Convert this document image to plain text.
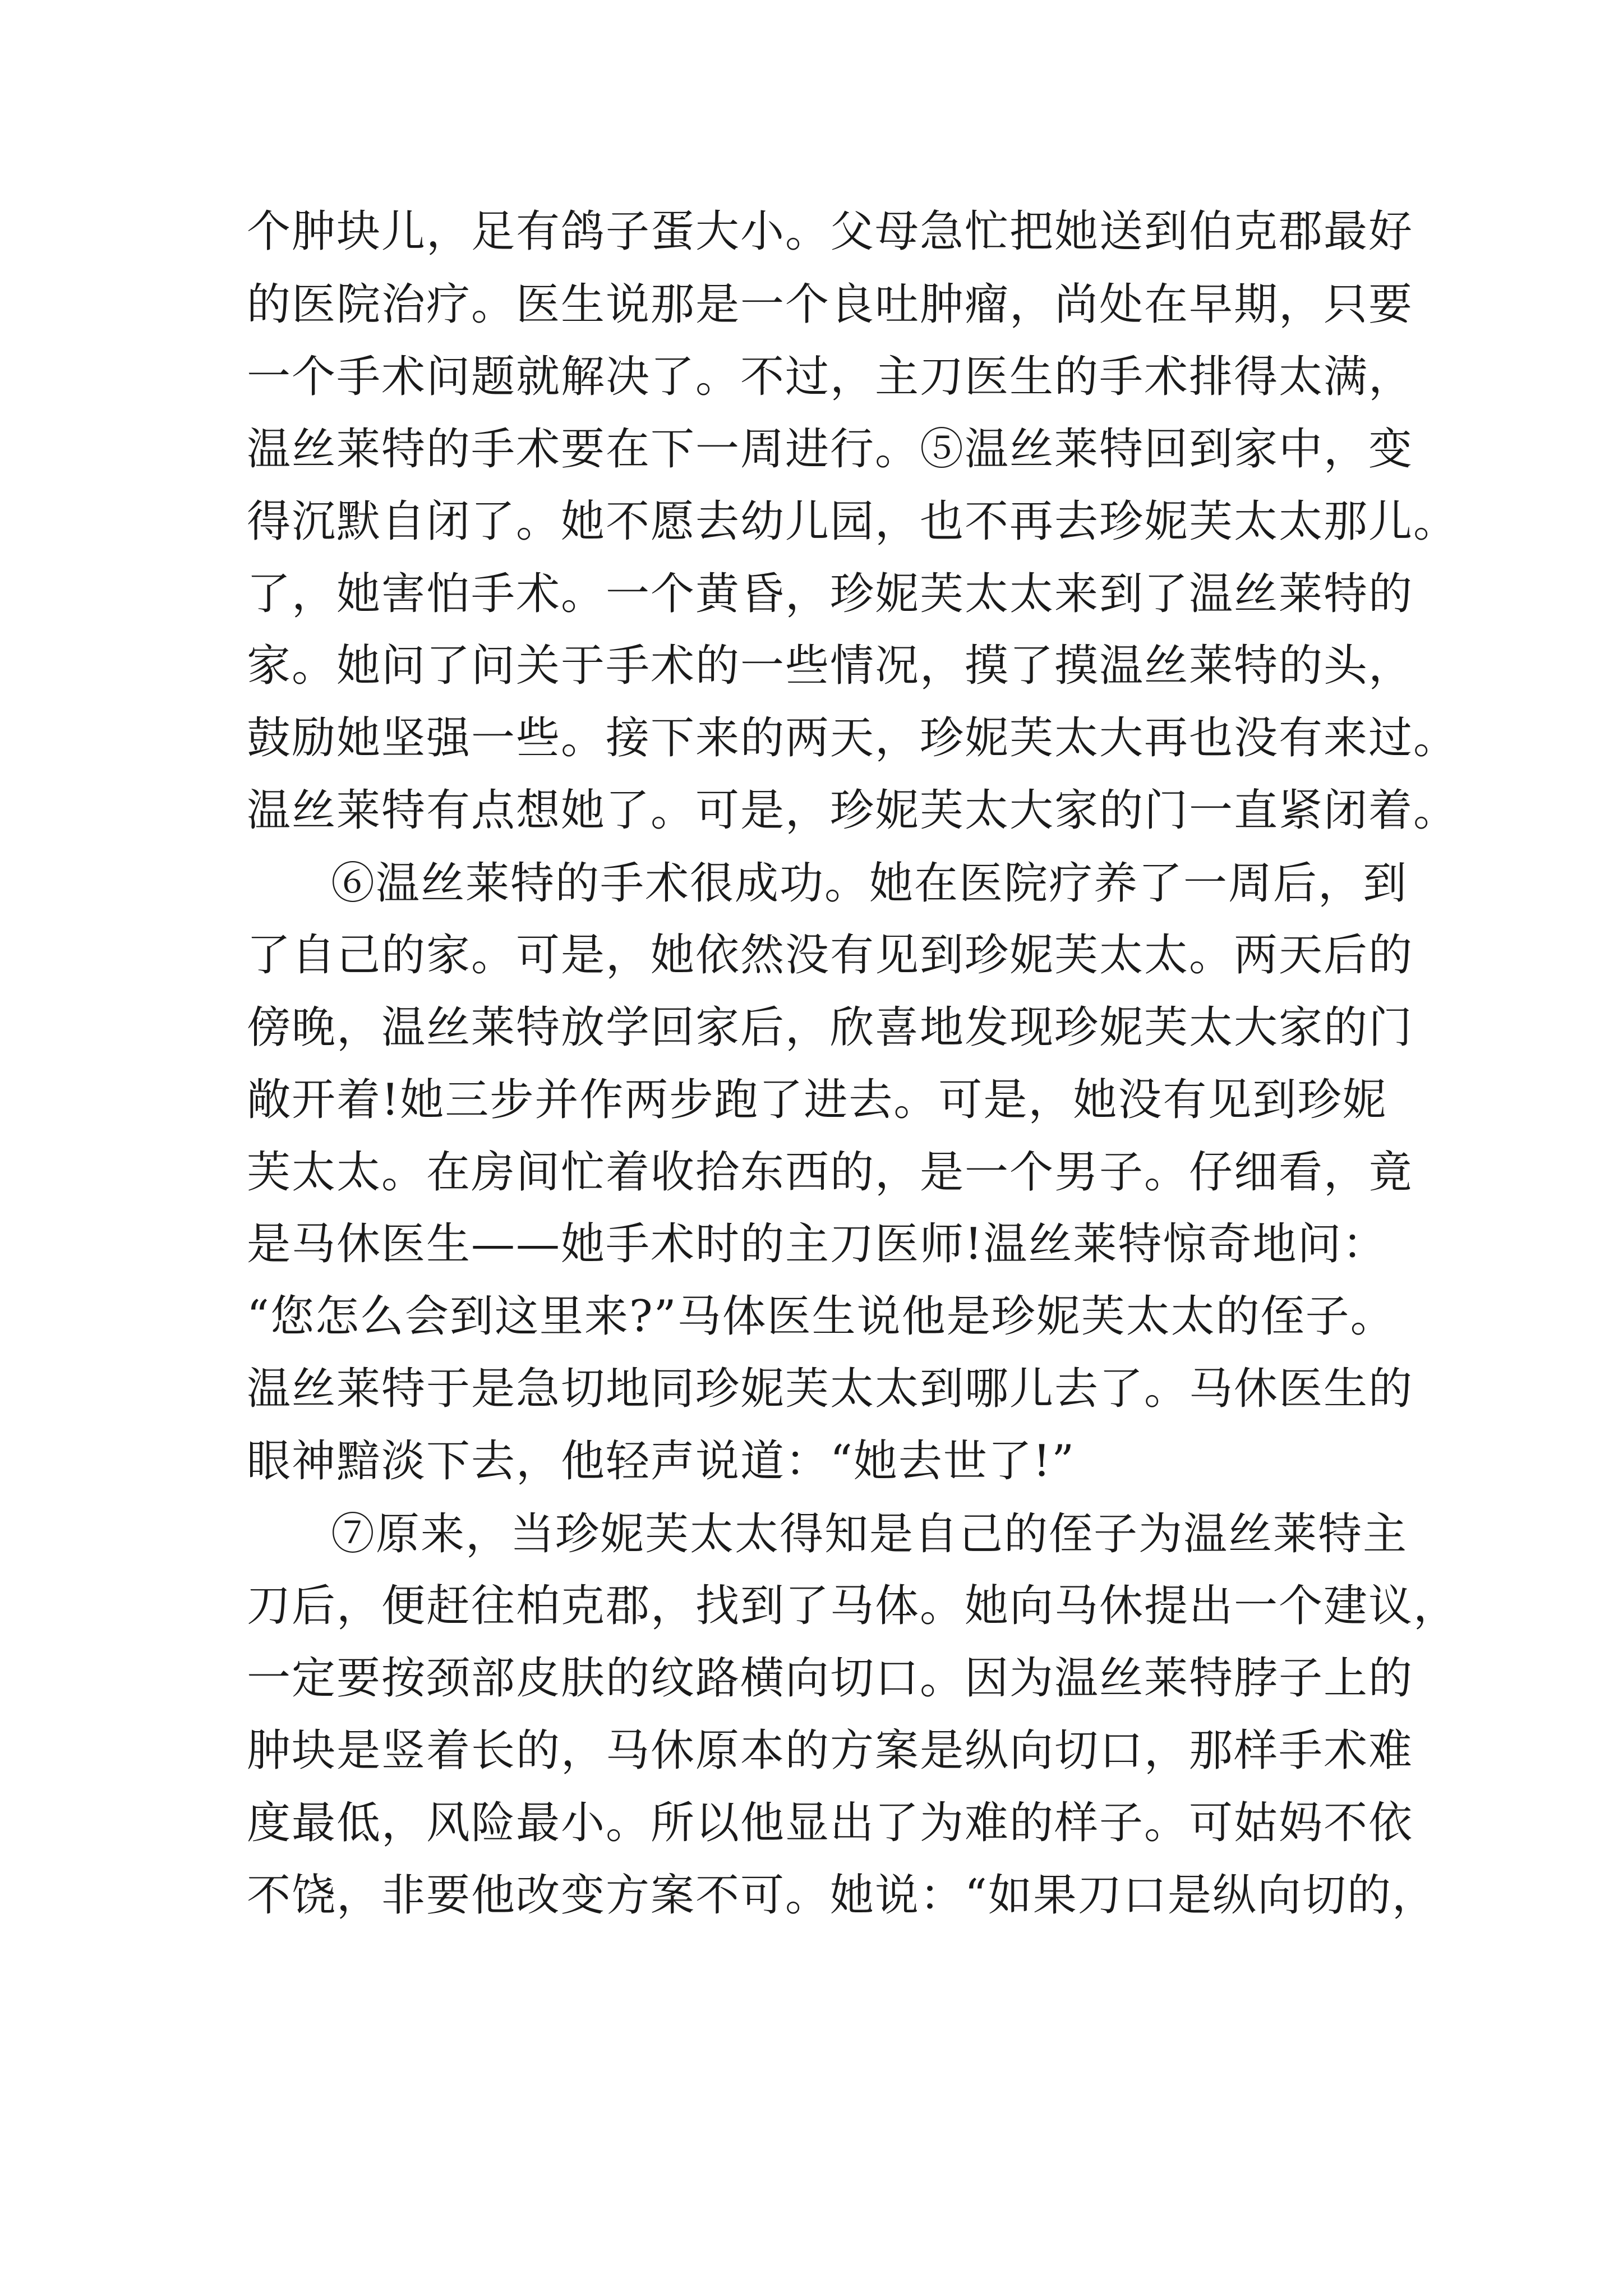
个肿块儿，足有鸽子蛋大小。父母急忙把她送到伯克郡最好
的医院治疗。医生说那是一个良吐肿瘤，尚处在早期，只要
一个手术问题就解决了。不过，主刀医生的手术排得太满，
温丝莱特的手术要在下一周进行。⑤温丝莱特回到家中，变
得沉默自闭了。她不愿去幼儿园，也不再去珍妮芙太太那儿。
了，她害怕手术。一个黄昏，珍妮芙太太来到了温丝莱特的
家。她问了问关于手术的一些情况，摸了摸温丝莱特的头，
鼓励她坚强一些。接下来的两天，珍妮芙太大再也没有来过。
温丝莱特有点想她了。可是，珍妮芙太大家的门一直紧闭着。
⑥温丝莱特的手术很成功。她在医院疗养了一周后，到
了自己的家。可是，她依然没有见到珍妮芙太太。两天后的
傍晚，温丝莱特放学回家后，欣喜地发现珍妮芙太大家的门
敞开着!她三步并作两步跑了进去。可是，她没有见到珍妮
芙太太。在房间忙着收拾东西的，是一个男子。仔细看，竟
是马休医生——她手术时的主刀医师!温丝莱特惊奇地问：
“您怎么会到这里来?”马体医生说他是珍妮芙太太的侄子。
温丝莱特于是急切地同珍妮芙太太到哪儿去了。马休医生的
眼神黯淡下去，他轻声说道：“她去世了!”
⑦原来，当珍妮芙太太得知是自己的侄子为温丝莱特主
刀后，便赶往柏克郡，找到了马体。她向马休提出一个建议，
一定要按颈部皮肤的纹路横向切口。因为温丝莱特脖子上的
肿块是竖着长的，马休原本的方案是纵向切口，那样手术难
度最低，风险最小。所以他显出了为难的样子。可姑妈不依
不饶，非要他改变方案不可。她说：“如果刀口是纵向切的，
